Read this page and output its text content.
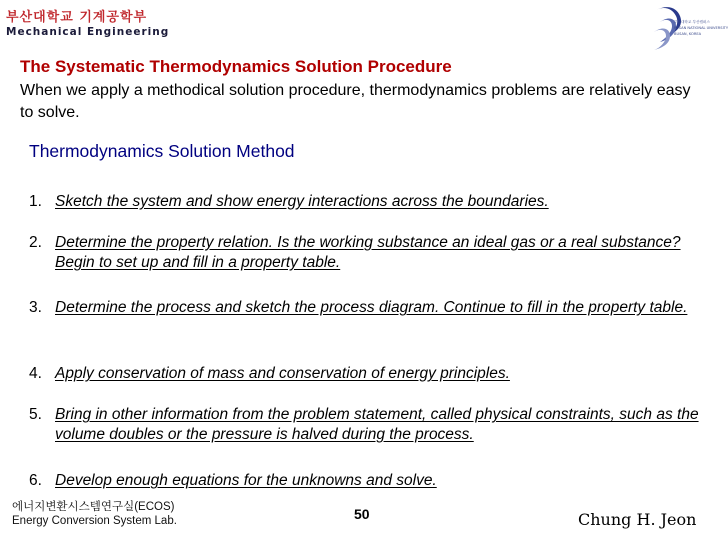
부산대학교 기계공학부
Mechanical Engineering
부산대학교 부산캠퍼스
PUSAN NATIONAL UNIVERSITY
BUSAN, KOREA
The Systematic Thermodynamics Solution Procedure
When we apply a methodical solution procedure, thermodynamics problems are relatively easy to solve.
Thermodynamics Solution Method
1. Sketch the system and show energy interactions across the boundaries.
2. Determine the property relation. Is the working substance an ideal gas or a real substance? Begin to set up and fill in a property table.
3. Determine the process and sketch the process diagram. Continue to fill in the property table.
4. Apply conservation of mass and conservation of energy principles.
5. Bring in other information from the problem statement, called physical constraints, such as the volume doubles or the pressure is halved during the process.
6. Develop enough equations for the unknowns and solve.
에너지변환시스템연구실(ECOS)
Energy Conversion System Lab.	50	Chung H. Jeon
